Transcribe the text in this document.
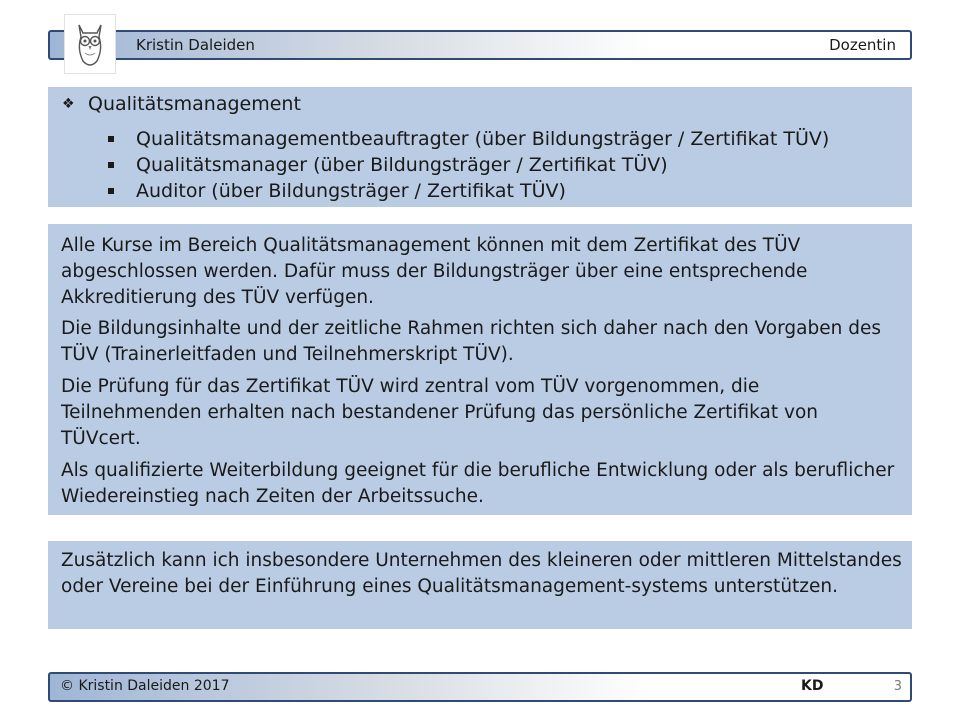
Kristin Daleiden	Dozentin
❖ Qualitätsmanagement
Qualitätsmanagementbeauftragter (über Bildungsträger / Zertifikat TÜV)
Qualitätsmanager (über Bildungsträger / Zertifikat TÜV)
Auditor (über Bildungsträger / Zertifikat TÜV)

Alle Kurse im Bereich Qualitätsmanagement können mit dem Zertifikat des TÜV abgeschlossen werden. Dafür muss der Bildungsträger über eine entsprechende Akkreditierung des TÜV verfügen.

Die Bildungsinhalte und der zeitliche Rahmen richten sich daher nach den Vorgaben des TÜV (Trainerleitfaden und Teilnehmerskript TÜV).

Die Prüfung für das Zertifikat TÜV wird zentral vom TÜV vorgenommen, die Teilnehmenden erhalten nach bestandener Prüfung das persönliche Zertifikat von TÜVcert.

Als qualifizierte Weiterbildung geeignet für die berufliche Entwicklung oder als beruflicher Wiedereinstieg nach Zeiten der Arbeitssuche.

Zusätzlich kann ich insbesondere Unternehmen des kleineren oder mittleren Mittelstandes oder Vereine bei der Einführung eines Qualitätsmanagement-systems unterstützen.

© Kristin Daleiden 2017	KD	3
